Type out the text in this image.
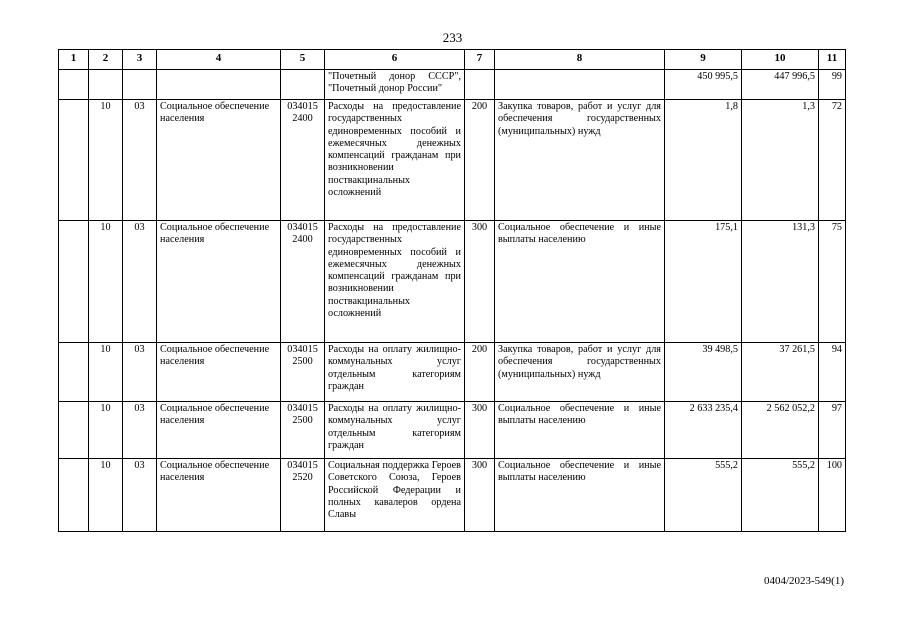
233
1	2	3	4	5	6	7	8	9	10	11
					"Почетный донор СССР", "Почетный донор России"			450 995,5	447 996,5	99
	10	03	Социальное обеспечение населения	034015 2400	Расходы на предоставление государственных единовременных пособий и ежемесячных денежных компенсаций гражданам при возникновении поствакцинальных осложнений	200	Закупка товаров, работ и услуг для обеспечения государственных (муниципальных) нужд	1,8	1,3	72
	10	03	Социальное обеспечение населения	034015 2400	Расходы на предоставление государственных единовременных пособий и ежемесячных денежных компенсаций гражданам при возникновении поствакцинальных осложнений	300	Социальное обеспечение и иные выплаты населению	175,1	131,3	75
	10	03	Социальное обеспечение населения	034015 2500	Расходы на оплату жилищно-коммунальных услуг отдельным категориям граждан	200	Закупка товаров, работ и услуг для обеспечения государственных (муниципальных) нужд	39 498,5	37 261,5	94
	10	03	Социальное обеспечение населения	034015 2500	Расходы на оплату жилищно-коммунальных услуг отдельным категориям граждан	300	Социальное обеспечение и иные выплаты населению	2 633 235,4	2 562 052,2	97
	10	03	Социальное обеспечение населения	034015 2520	Социальная поддержка Героев Советского Союза, Героев Российской Федерации и полных кавалеров ордена Славы	300	Социальное обеспечение и иные выплаты населению	555,2	555,2	100
0404/2023-549(1)
